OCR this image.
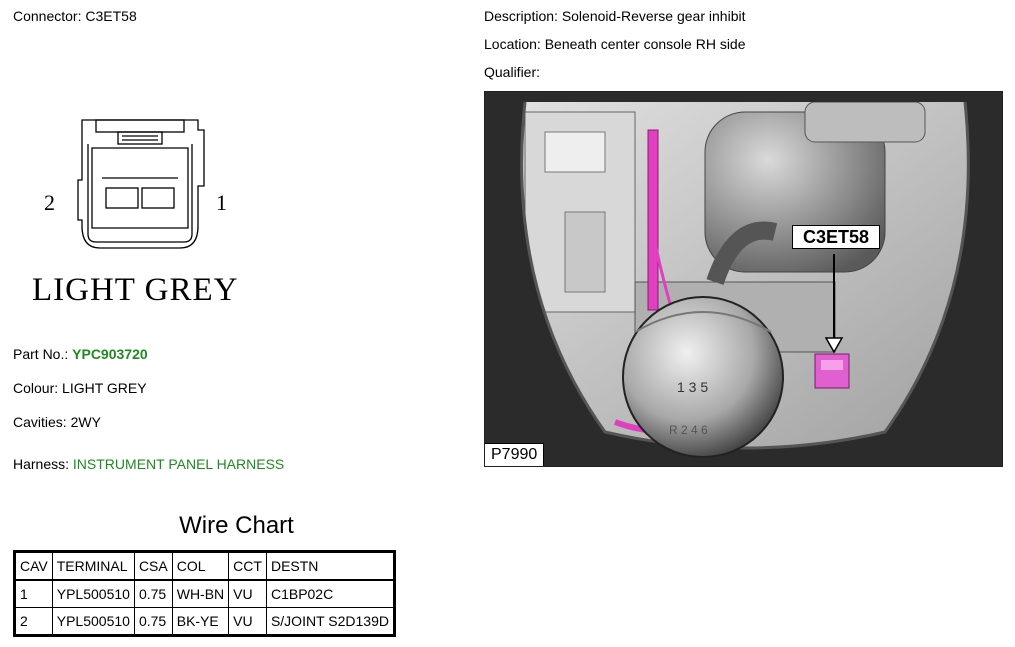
Connector: C3ET58	Description: Solenoid-Reverse gear inhibit
Location: Beneath center console RH side
Qualifier:
2	1
LIGHT GREY
Part No.: YPC903720
Colour: LIGHT GREY
Cavities: 2WY
Harness: INSTRUMENT PANEL HARNESS
1 3 5
R 2 4 6
C3ET58
P7990
Wire Chart
CAV	TERMINAL	CSA	COL	CCT	DESTN
1	YPL500510	0.75	WH-BN	VU	C1BP02C
2	YPL500510	0.75	BK-YE	VU	S/JOINT S2D139D
